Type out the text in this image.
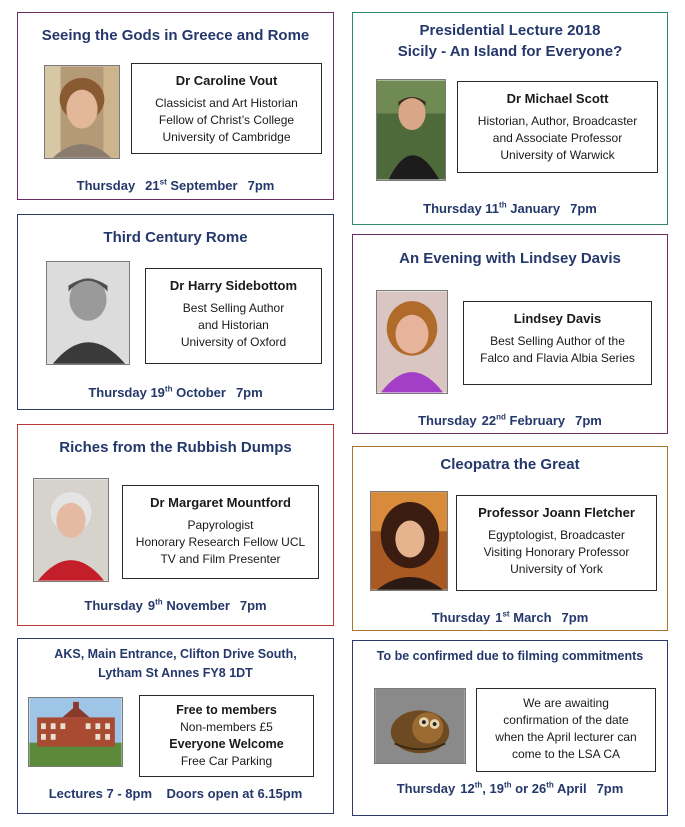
Seeing the Gods in Greece and Rome
Dr Caroline Vout
Classicist and Art Historian
Fellow of Christ’s College
University of Cambridge
Thursday 21st September 7pm
Presidential Lecture 2018
Sicily - An Island for Everyone?
Dr Michael Scott
Historian, Author, Broadcaster
and Associate Professor
University of Warwick
Thursday 11th January 7pm
Third Century Rome
Dr Harry Sidebottom
Best Selling Author
and Historian
University of Oxford
Thursday 19th October 7pm
An Evening with Lindsey Davis
Lindsey Davis
Best Selling Author of the
Falco and Flavia Albia Series
Thursday 22nd February 7pm
Riches from the Rubbish Dumps
Dr Margaret Mountford
Papyrologist
Honorary Research Fellow UCL
TV and Film Presenter
Thursday 9th November 7pm
Cleopatra the Great
Professor Joann Fletcher
Egyptologist, Broadcaster
Visiting Honorary Professor
University of York
Thursday 1st March 7pm
AKS, Main Entrance, Clifton Drive South,
Lytham St Annes FY8 1DT
Free to members
Non-members £5
Everyone Welcome
Free Car Parking
Lectures 7 - 8pm    Doors open at 6.15pm
To be confirmed due to filming commitments
We are awaiting
confirmation of the date
when the April lecturer can
come to the LSA CA
Thursday 12th, 19th or 26th April 7pm
